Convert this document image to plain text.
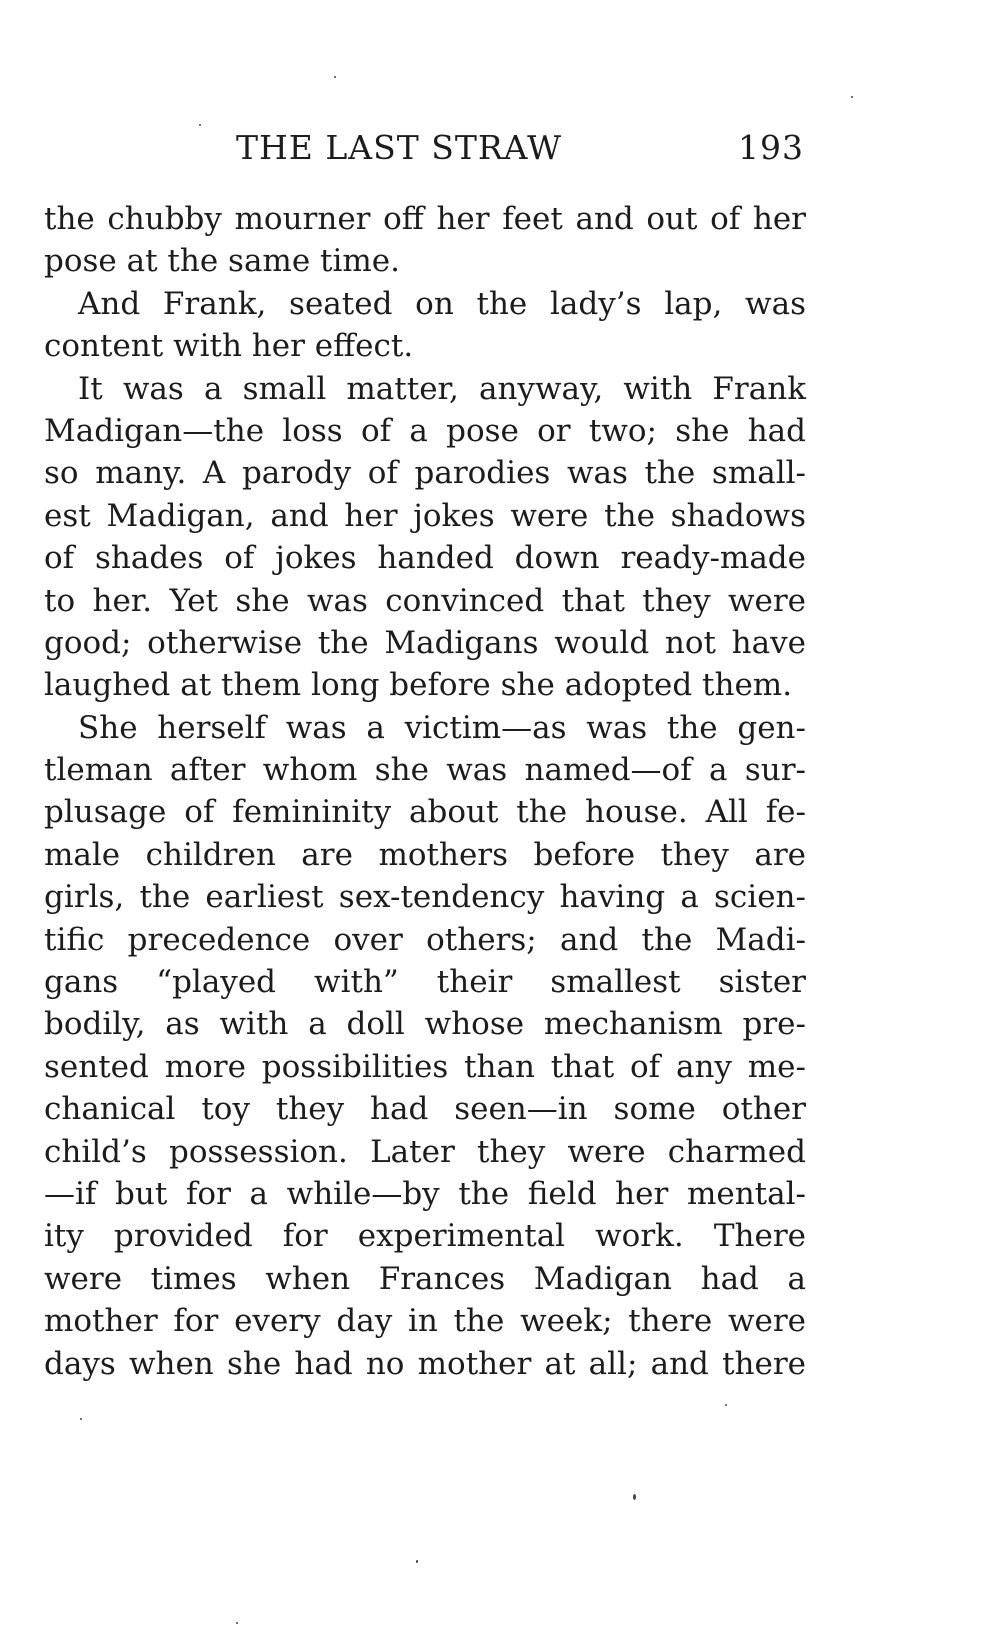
THE LAST STRAW	193
the chubby mourner off her feet and out of her
pose at the same time.
And Frank, seated on the lady’s lap, was
content with her effect.
It was a small matter, anyway, with Frank
Madigan—the loss of a pose or two; she had
so many. A parody of parodies was the small-
est Madigan, and her jokes were the shadows
of shades of jokes handed down ready-made
to her. Yet she was convinced that they were
good; otherwise the Madigans would not have
laughed at them long before she adopted them.
She herself was a victim—as was the gen-
tleman after whom she was named—of a sur-
plusage of femininity about the house. All fe-
male children are mothers before they are
girls, the earliest sex-tendency having a scien-
tific precedence over others; and the Madi-
gans “played with” their smallest sister
bodily, as with a doll whose mechanism pre-
sented more possibilities than that of any me-
chanical toy they had seen—in some other
child’s possession. Later they were charmed
—if but for a while—by the field her mental-
ity provided for experimental work. There
were times when Frances Madigan had a
mother for every day in the week; there were
days when she had no mother at all; and there
